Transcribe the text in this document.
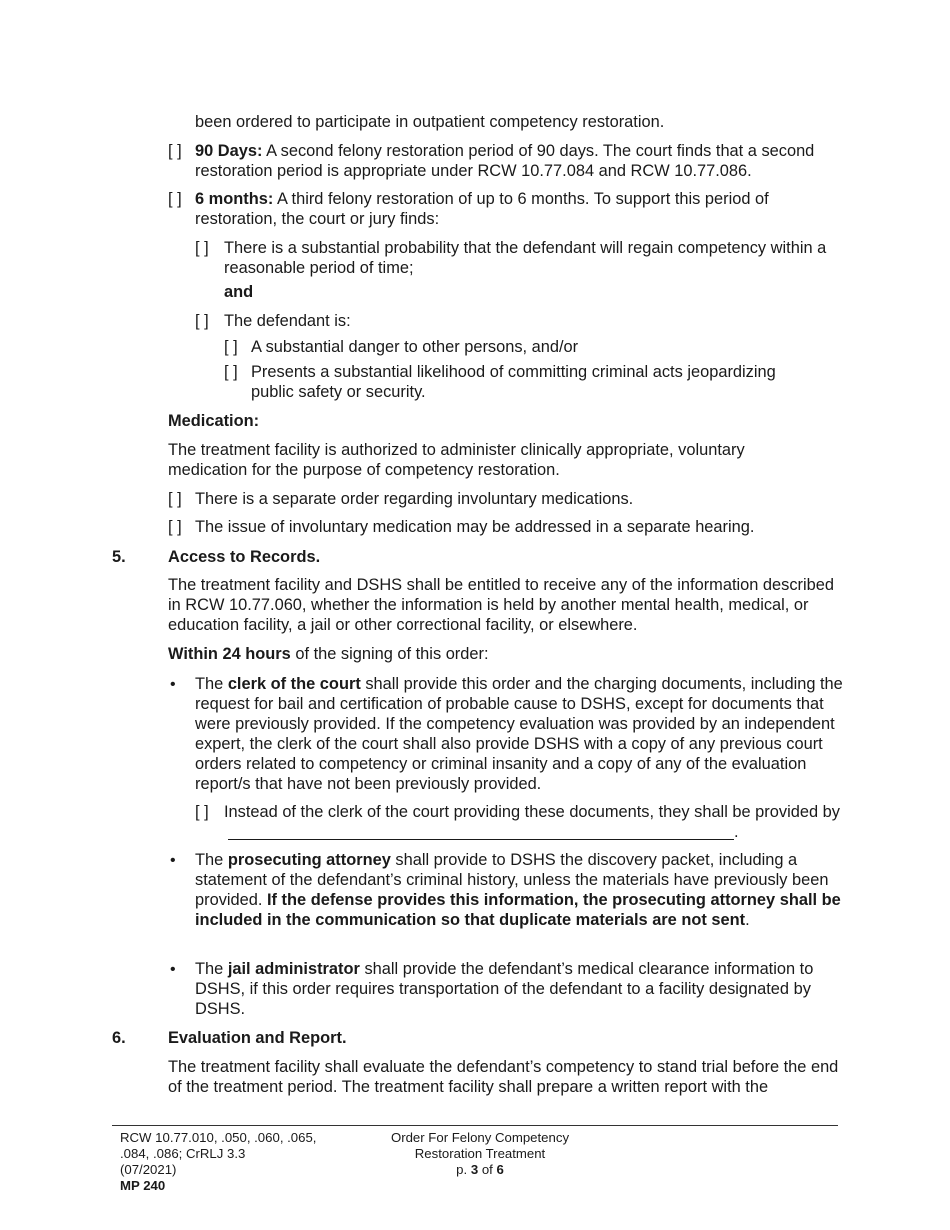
been ordered to participate in outpatient competency restoration.
[ ] 90 Days: A second felony restoration period of 90 days. The court finds that a second restoration period is appropriate under RCW 10.77.084 and RCW 10.77.086.
[ ] 6 months: A third felony restoration of up to 6 months. To support this period of restoration, the court or jury finds:
[ ] There is a substantial probability that the defendant will regain competency within a reasonable period of time;
and
[ ] The defendant is:
[ ] A substantial danger to other persons, and/or
[ ] Presents a substantial likelihood of committing criminal acts jeopardizing public safety or security.
Medication:
The treatment facility is authorized to administer clinically appropriate, voluntary medication for the purpose of competency restoration.
[ ] There is a separate order regarding involuntary medications.
[ ] The issue of involuntary medication may be addressed in a separate hearing.
5.	Access to Records.
The treatment facility and DSHS shall be entitled to receive any of the information described in RCW 10.77.060, whether the information is held by another mental health, medical, or education facility, a jail or other correctional facility, or elsewhere.
Within 24 hours of the signing of this order:
• The clerk of the court shall provide this order and the charging documents, including the request for bail and certification of probable cause to DSHS, except for documents that were previously provided. If the competency evaluation was provided by an independent expert, the clerk of the court shall also provide DSHS with a copy of any previous court orders related to competency or criminal insanity and a copy of any of the evaluation report/s that have not been previously provided.
[ ] Instead of the clerk of the court providing these documents, they shall be provided by.
• The prosecuting attorney shall provide to DSHS the discovery packet, including a statement of the defendant’s criminal history, unless the materials have previously been provided. If the defense provides this information, the prosecuting attorney shall be included in the communication so that duplicate materials are not sent.
• The jail administrator shall provide the defendant’s medical clearance information to DSHS, if this order requires transportation of the defendant to a facility designated by DSHS.
6.	Evaluation and Report.
The treatment facility shall evaluate the defendant’s competency to stand trial before the end of the treatment period. The treatment facility shall prepare a written report with the
RCW 10.77.010, .050, .060, .065,
.084, .086; CrRLJ 3.3
(07/2021)
MP 240
Order For Felony Competency
Restoration Treatment
p. 3 of 6
